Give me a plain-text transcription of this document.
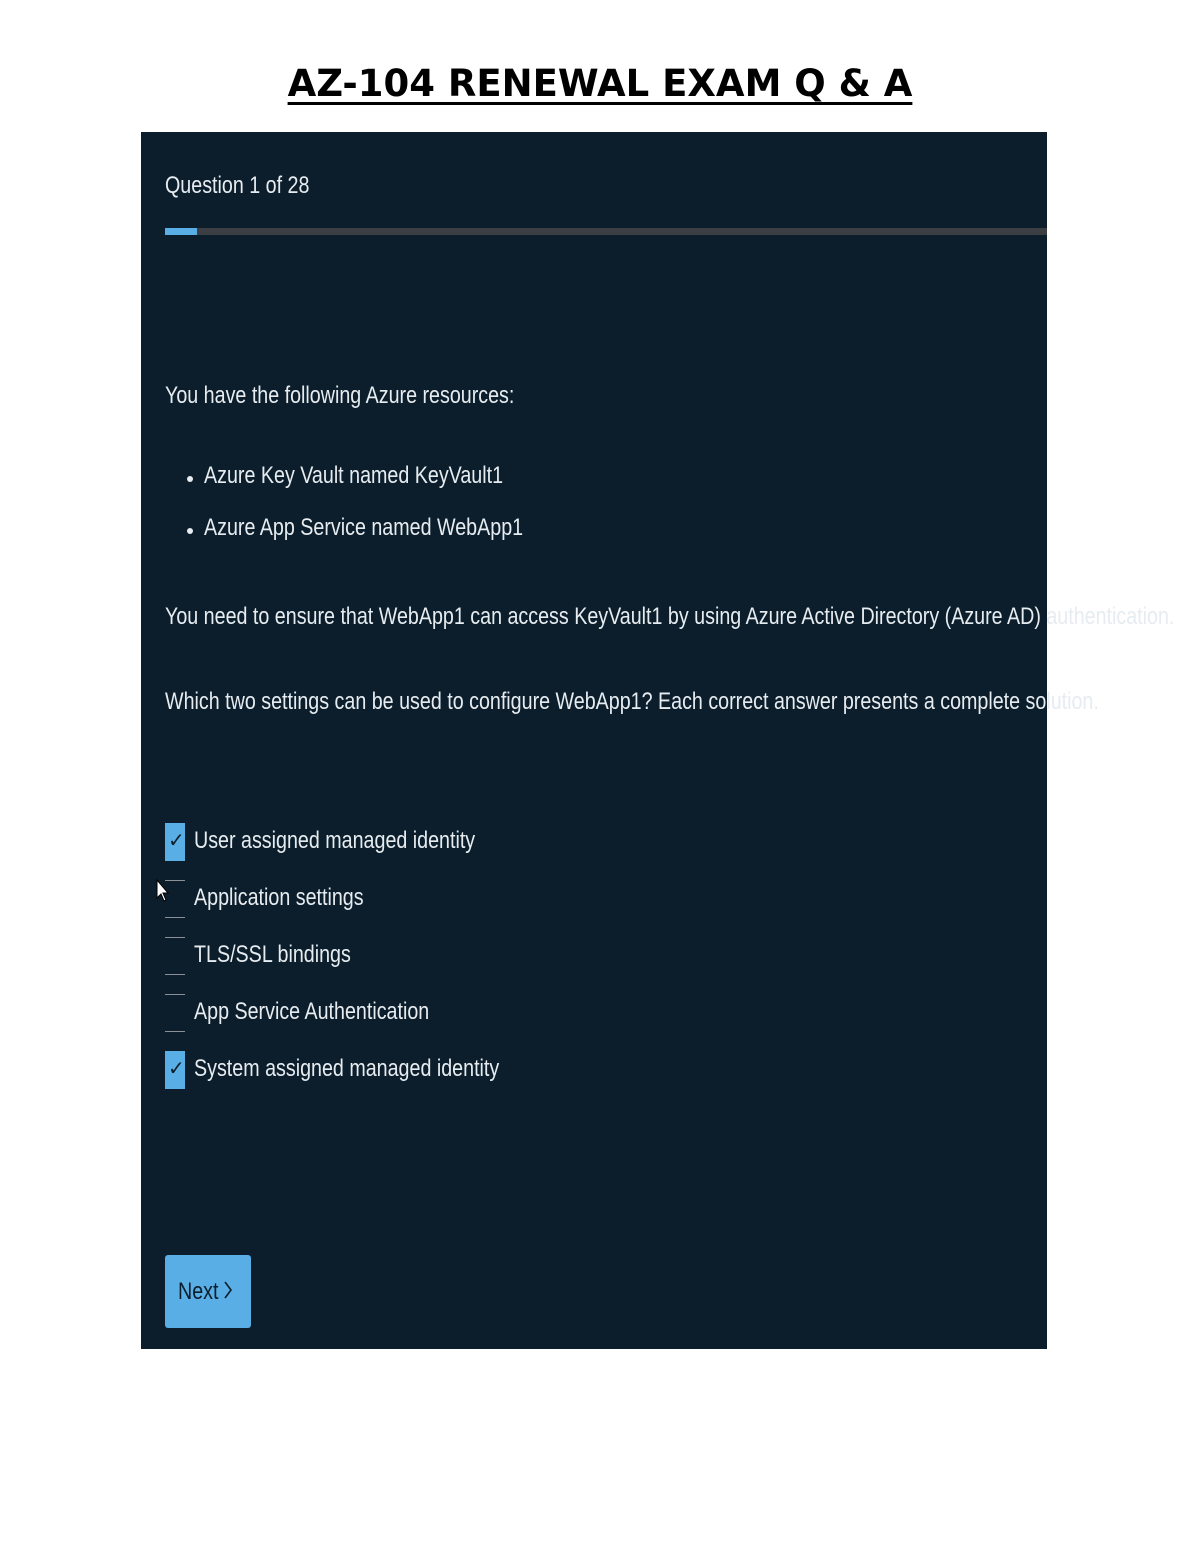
AZ-104 RENEWAL EXAM Q & A
Question 1 of 28

You have the following Azure resources:

Azure Key Vault named KeyVault1
Azure App Service named WebApp1

You need to ensure that WebApp1 can access KeyVault1 by using Azure Active Directory (Azure AD) authentication.

Which two settings can be used to configure WebApp1? Each correct answer presents a complete solution.

✓ User assigned managed identity
Application settings
TLS/SSL bindings
App Service Authentication
✓ System assigned managed identity
Next
